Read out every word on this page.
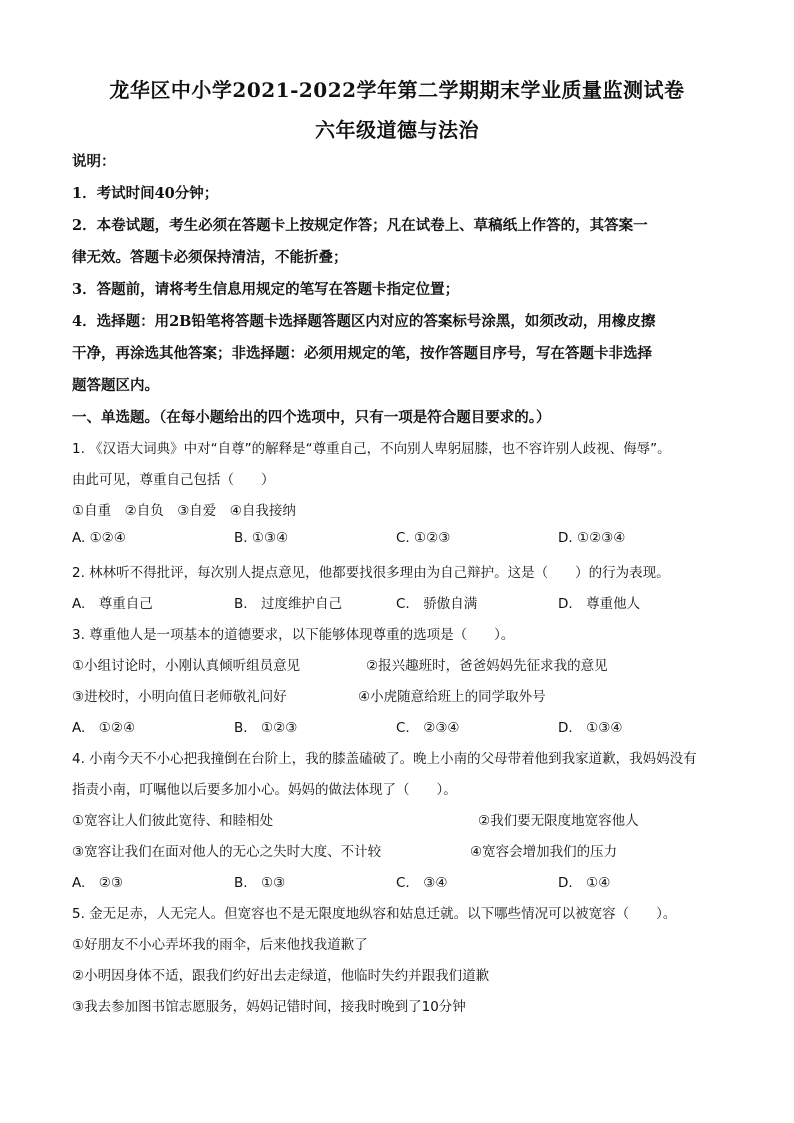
龙华区中小学2021-2022学年第二学期期末学业质量监测试卷
六年级道德与法治
说明：
1．考试时间40分钟；
2．本卷试题，考生必须在答题卡上按规定作答；凡在试卷上、草稿纸上作答的，其答案一
律无效。答题卡必须保持清洁，不能折叠；
3．答题前，请将考生信息用规定的笔写在答题卡指定位置；
4．选择题：用2B铅笔将答题卡选择题答题区内对应的答案标号涂黑，如须改动，用橡皮擦
干净，再涂选其他答案；非选择题：必须用规定的笔，按作答题目序号，写在答题卡非选择
题答题区内。
一、单选题。（在每小题给出的四个选项中，只有一项是符合题目要求的。）
1. 《汉语大词典》中对“自尊”的解释是“尊重自己，不向别人卑躬屈膝，也不容许别人歧视、侮辱”。
由此可见，尊重自己包括（　　）
①自重　②自负　③自爱　④自我接纳
A. ①②④	B. ①③④	C. ①②③	D. ①②③④
2. 林林听不得批评，每次别人提点意见，他都要找很多理由为自己辩护。这是（　　）的行为表现。
A.　尊重自己	B.　过度维护自己	C.　骄傲自满	D.　尊重他人
3. 尊重他人是一项基本的道德要求，以下能够体现尊重的选项是（　　）。
①小组讨论时，小刚认真倾听组员意见	②报兴趣班时，爸爸妈妈先征求我的意见
③进校时，小明向值日老师敬礼问好	④小虎随意给班上的同学取外号
A.　①②④	B.　①②③	C.　②③④	D.　①③④
4. 小南今天不小心把我撞倒在台阶上，我的膝盖磕破了。晚上小南的父母带着他到我家道歉，我妈妈没有
指责小南，叮嘱他以后要多加小心。妈妈的做法体现了（　　）。
①宽容让人们彼此宽待、和睦相处	②我们要无限度地宽容他人
③宽容让我们在面对他人的无心之失时大度、不计较	④宽容会增加我们的压力
A.　②③	B.　①③	C.　③④	D.　①④
5. 金无足赤，人无完人。但宽容也不是无限度地纵容和姑息迁就。以下哪些情况可以被宽容（　　）。
①好朋友不小心弄坏我的雨伞，后来他找我道歉了
②小明因身体不适，跟我们约好出去走绿道，他临时失约并跟我们道歉
③我去参加图书馆志愿服务，妈妈记错时间，接我时晚到了10分钟
